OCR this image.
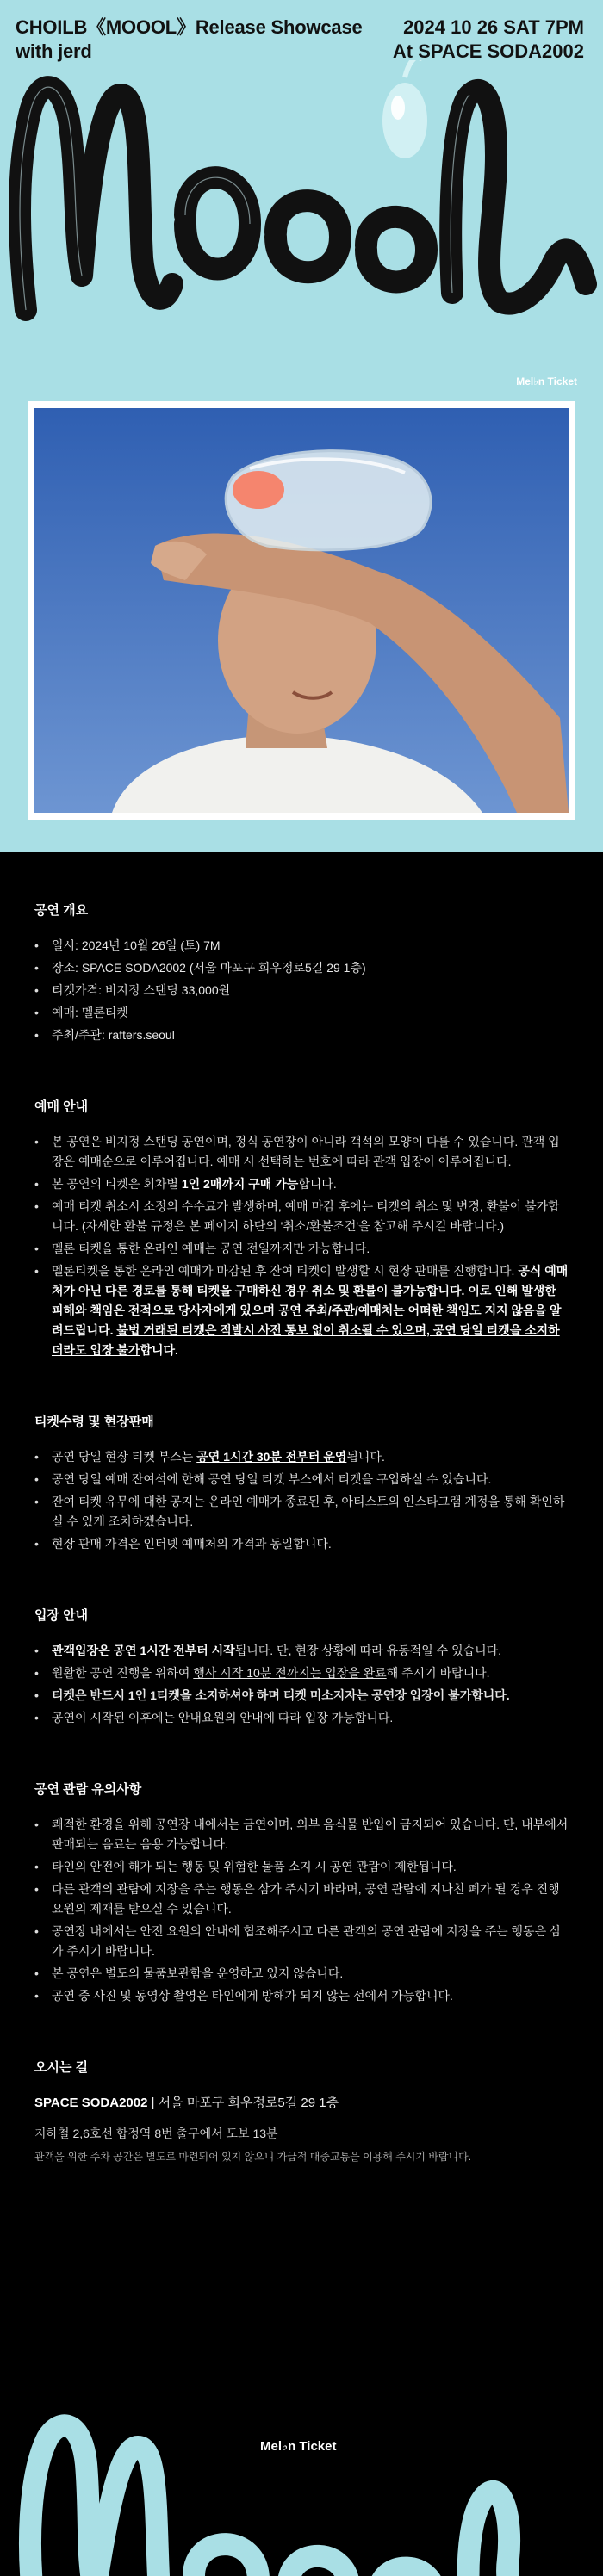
CHOILB《MOOOL》Release Showcase
with jerd
2024 10 26 SAT 7PM
At SPACE SODA2002
Mel♭n Ticket
공연 개요
• 일시: 2024년 10월 26일 (토) 7M
• 장소: SPACE SODA2002 (서울 마포구 희우정로5길 29 1층)
• 티켓가격: 비지정 스탠딩 33,000원
• 예매: 멜론티켓
• 주최/주관: rafters.seoul
예매 안내
• 본 공연은 비지정 스탠딩 공연이며, 정식 공연장이 아니라 객석의 모양이 다를 수 있습니다. 관객 입장은 예매순으로 이루어집니다. 예매 시 선택하는 번호에 따라 관객 입장이 이루어집니다.
• 본 공연의 티켓은 회차별 1인 2매까지 구매 가능합니다.
• 예매 티켓 취소시 소정의 수수료가 발생하며, 예매 마감 후에는 티켓의 취소 및 변경, 환불이 불가합니다. (자세한 환불 규정은 본 페이지 하단의 '취소/환불조건'을 참고해 주시길 바랍니다.)
• 멜론 티켓을 통한 온라인 예매는 공연 전일까지만 가능합니다.
• 멜론티켓을 통한 온라인 예매가 마감된 후 잔여 티켓이 발생할 시 현장 판매를 진행합니다. 공식 예매처가 아닌 다른 경로를 통해 티켓을 구매하신 경우 취소 및 환불이 불가능합니다. 이로 인해 발생한 피해와 책임은 전적으로 당사자에게 있으며 공연 주최/주관/예매처는 어떠한 책임도 지지 않음을 알려드립니다. 불법 거래된 티켓은 적발시 사전 통보 없이 취소될 수 있으며, 공연 당일 티켓을 소지하더라도 입장 불가합니다.
티켓수령 및 현장판매
• 공연 당일 현장 티켓 부스는 공연 1시간 30분 전부터 운영됩니다.
• 공연 당일 예매 잔여석에 한해 공연 당일 티켓 부스에서 티켓을 구입하실 수 있습니다.
• 잔여 티켓 유무에 대한 공지는 온라인 예매가 종료된 후, 아티스트의 인스타그램 계정을 통해 확인하실 수 있게 조치하겠습니다.
• 현장 판매 가격은 인터넷 예매처의 가격과 동일합니다.
입장 안내
• 관객입장은 공연 1시간 전부터 시작됩니다. 단, 현장 상황에 따라 유동적일 수 있습니다.
• 원활한 공연 진행을 위하여 행사 시작 10분 전까지는 입장을 완료해 주시기 바랍니다.
• 티켓은 반드시 1인 1티켓을 소지하셔야 하며 티켓 미소지자는 공연장 입장이 불가합니다.
• 공연이 시작된 이후에는 안내요원의 안내에 따라 입장 가능합니다.
공연 관람 유의사항
• 쾌적한 환경을 위해 공연장 내에서는 금연이며, 외부 음식물 반입이 금지되어 있습니다. 단, 내부에서 판매되는 음료는 음용 가능합니다.
• 타인의 안전에 해가 되는 행동 및 위험한 물품 소지 시 공연 관람이 제한됩니다.
• 다른 관객의 관람에 지장을 주는 행동은 삼가 주시기 바라며, 공연 관람에 지나친 폐가 될 경우 진행요원의 제재를 받으실 수 있습니다.
• 공연장 내에서는 안전 요원의 안내에 협조해주시고 다른 관객의 공연 관람에 지장을 주는 행동은 삼가 주시기 바랍니다.
• 본 공연은 별도의 물품보관함을 운영하고 있지 않습니다.
• 공연 중 사진 및 동영상 촬영은 타인에게 방해가 되지 않는 선에서 가능합니다.
오시는 길
SPACE SODA2002 | 서울 마포구 희우정로5길 29 1층
지하철 2,6호선 합정역 8번 출구에서 도보 13분
관객을 위한 주차 공간은 별도로 마련되어 있지 않으니 가급적 대중교통을 이용해 주시기 바랍니다.
Mel♭n Ticket
